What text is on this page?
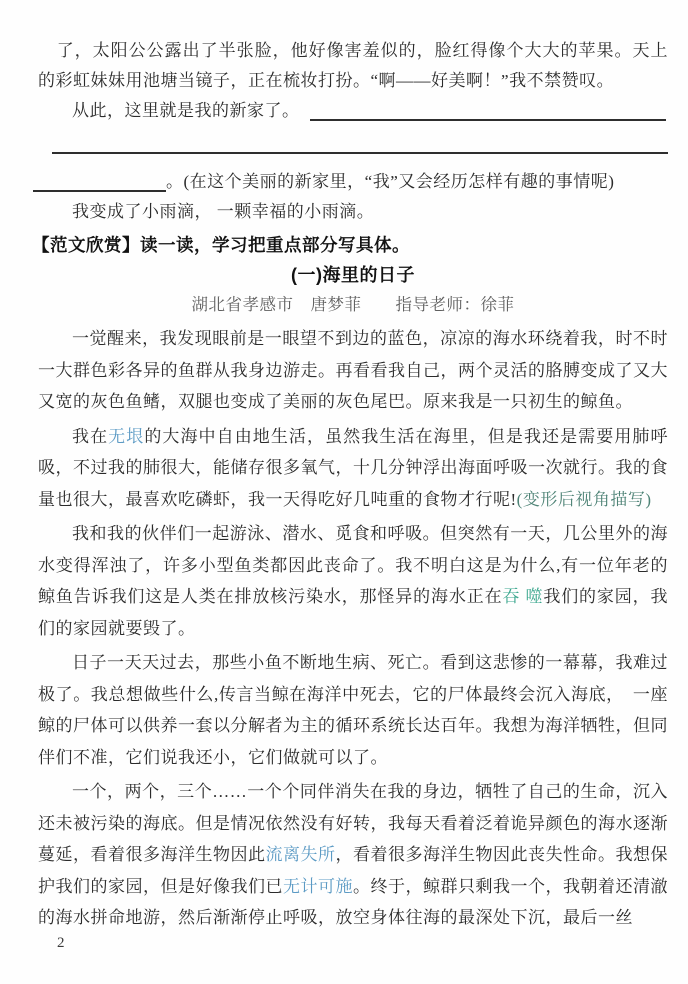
了，太阳公公露出了半张脸，他好像害羞似的，脸红得像个大大的苹果。天上的彩虹妹妹用池塘当镜子，正在梳妆打扮。“啊——好美啊！”我不禁赞叹。

从此，这里就是我的新家了。

。(在这个美丽的新家里，“我”又会经历怎样有趣的事情呢)

我变成了小雨滴， 一颗幸福的小雨滴。

【范文欣赏】读一读，学习把重点部分写具体。
(一)海里的日子

湖北省孝感市　唐梦菲　　指导老师：徐菲

一觉醒来，我发现眼前是一眼望不到边的蓝色，凉凉的海水环绕着我，时不时一大群色彩各异的鱼群从我身边游走。再看看我自己，两个灵活的胳膊变成了又大又宽的灰色鱼鳍，双腿也变成了美丽的灰色尾巴。原来我是一只初生的鲸鱼。

我在无垠的大海中自由地生活，虽然我生活在海里，但是我还是需要用肺呼吸，不过我的肺很大，能储存很多氧气，十几分钟浮出海面呼吸一次就行。我的食量也很大，最喜欢吃磷虾，我一天得吃好几吨重的食物才行呢!(变形后视角描写)

我和我的伙伴们一起游泳、潜水、觅食和呼吸。但突然有一天，几公里外的海水变得浑浊了，许多小型鱼类都因此丧命了。我不明白这是为什么,有一位年老的鲸鱼告诉我们这是人类在排放核污染水，那怪异的海水正在吞 噬我们的家园，我们的家园就要毁了。

日子一天天过去，那些小鱼不断地生病、死亡。看到这悲惨的一幕幕，我难过极了。我总想做些什么,传言当鲸在海洋中死去，它的尸体最终会沉入海底，　一座鲸的尸体可以供养一套以分解者为主的循环系统长达百年。我想为海洋牺牲，但同伴们不准，它们说我还小，它们做就可以了。

一个，两个，三个……一个个同伴消失在我的身边，牺牲了自己的生命，沉入还未被污染的海底。但是情况依然没有好转，我每天看着泛着诡异颜色的海水逐渐蔓延，看着很多海洋生物因此流离失所，看着很多海洋生物因此丧失性命。我想保护我们的家园，但是好像我们已无计可施。终于，鲸群只剩我一个，我朝着还清澈的海水拼命地游，然后渐渐停止呼吸，放空身体往海的最深处下沉，最后一丝

2
